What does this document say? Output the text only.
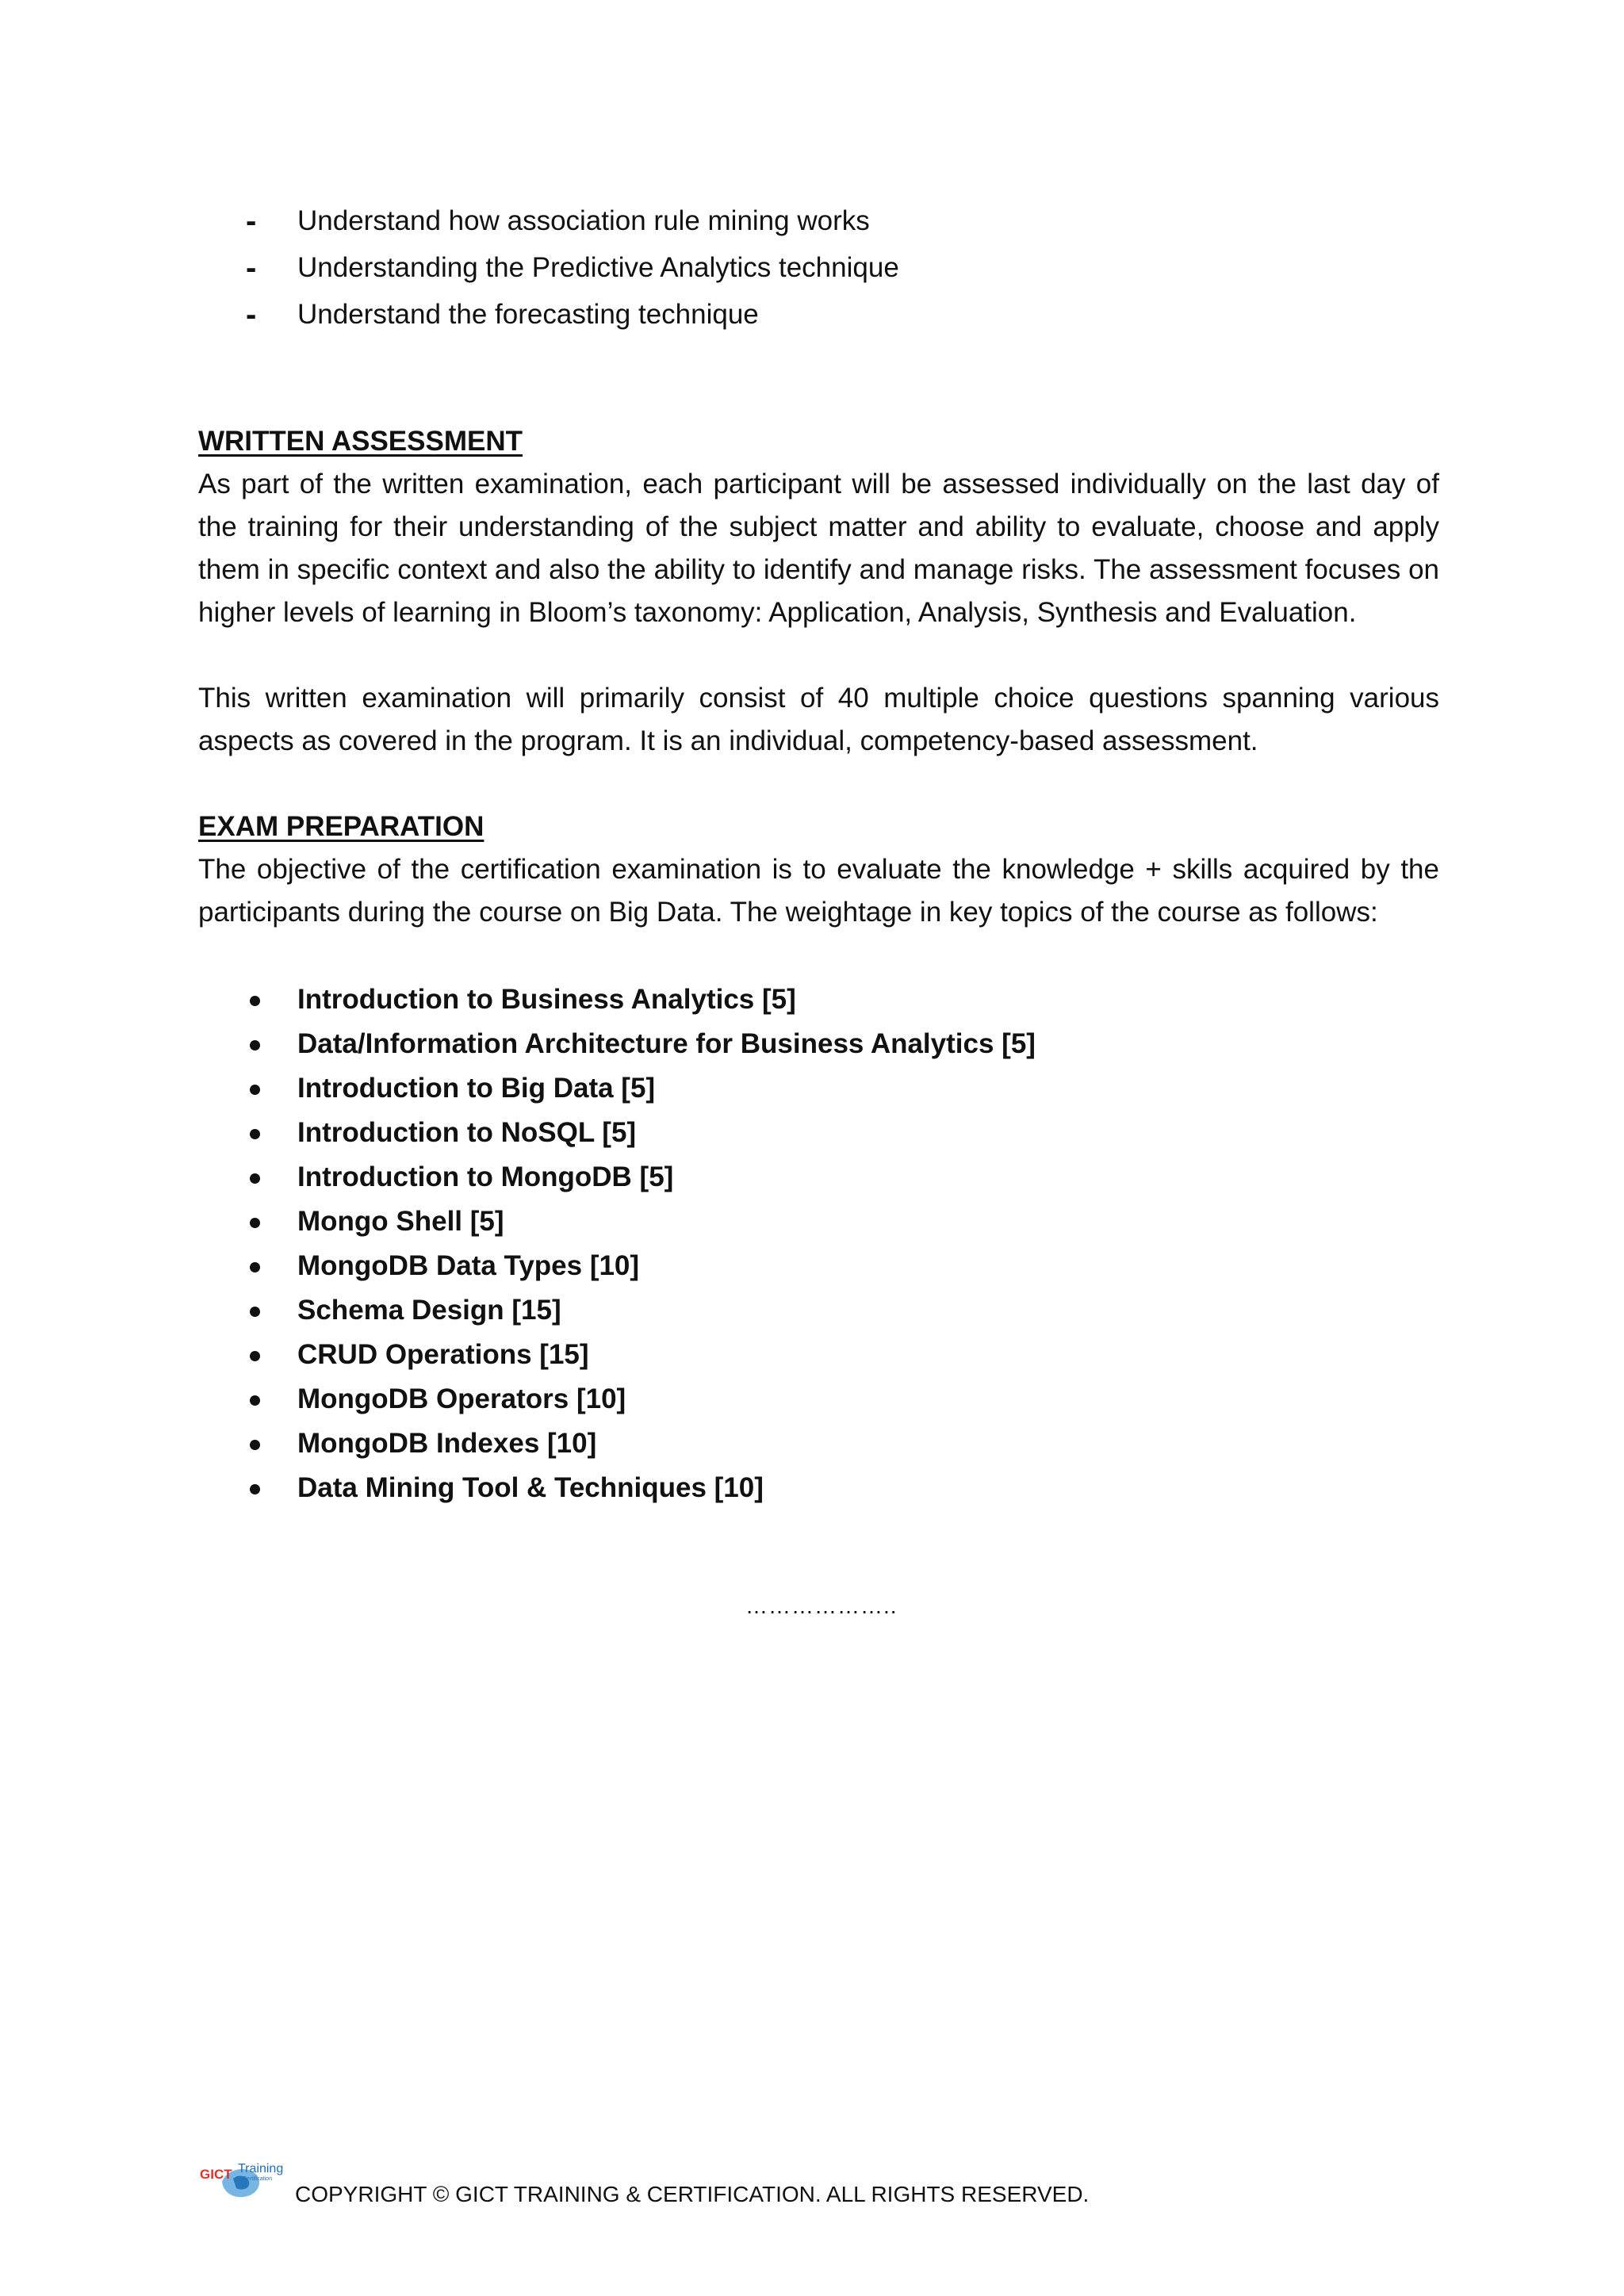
- Understand how association rule mining works
- Understanding the Predictive Analytics technique
- Understand the forecasting technique
WRITTEN ASSESSMENT

As part of the written examination, each participant will be assessed individually on the last day of the training for their understanding of the subject matter and ability to evaluate, choose and apply them in specific context and also the ability to identify and manage risks. The assessment focuses on higher levels of learning in Bloom’s taxonomy: Application, Analysis, Synthesis and Evaluation.

This written examination will primarily consist of 40 multiple choice questions spanning various aspects as covered in the program. It is an individual, competency-based assessment.

EXAM PREPARATION

The objective of the certification examination is to evaluate the knowledge + skills acquired by the participants during the course on Big Data. The weightage in key topics of the course as follows:

Introduction to Business Analytics [5]
Data/Information Architecture for Business Analytics [5]
Introduction to Big Data [5]
Introduction to NoSQL [5]
Introduction to MongoDB [5]
Mongo Shell [5]
MongoDB Data Types [10]
Schema Design [15]
CRUD Operations [15]
MongoDB Operators [10]
MongoDB Indexes [10]
Data Mining Tool & Techniques [10]
………………..
GICT Training
Certification
COPYRIGHT © GICT TRAINING & CERTIFICATION. ALL RIGHTS RESERVED.
